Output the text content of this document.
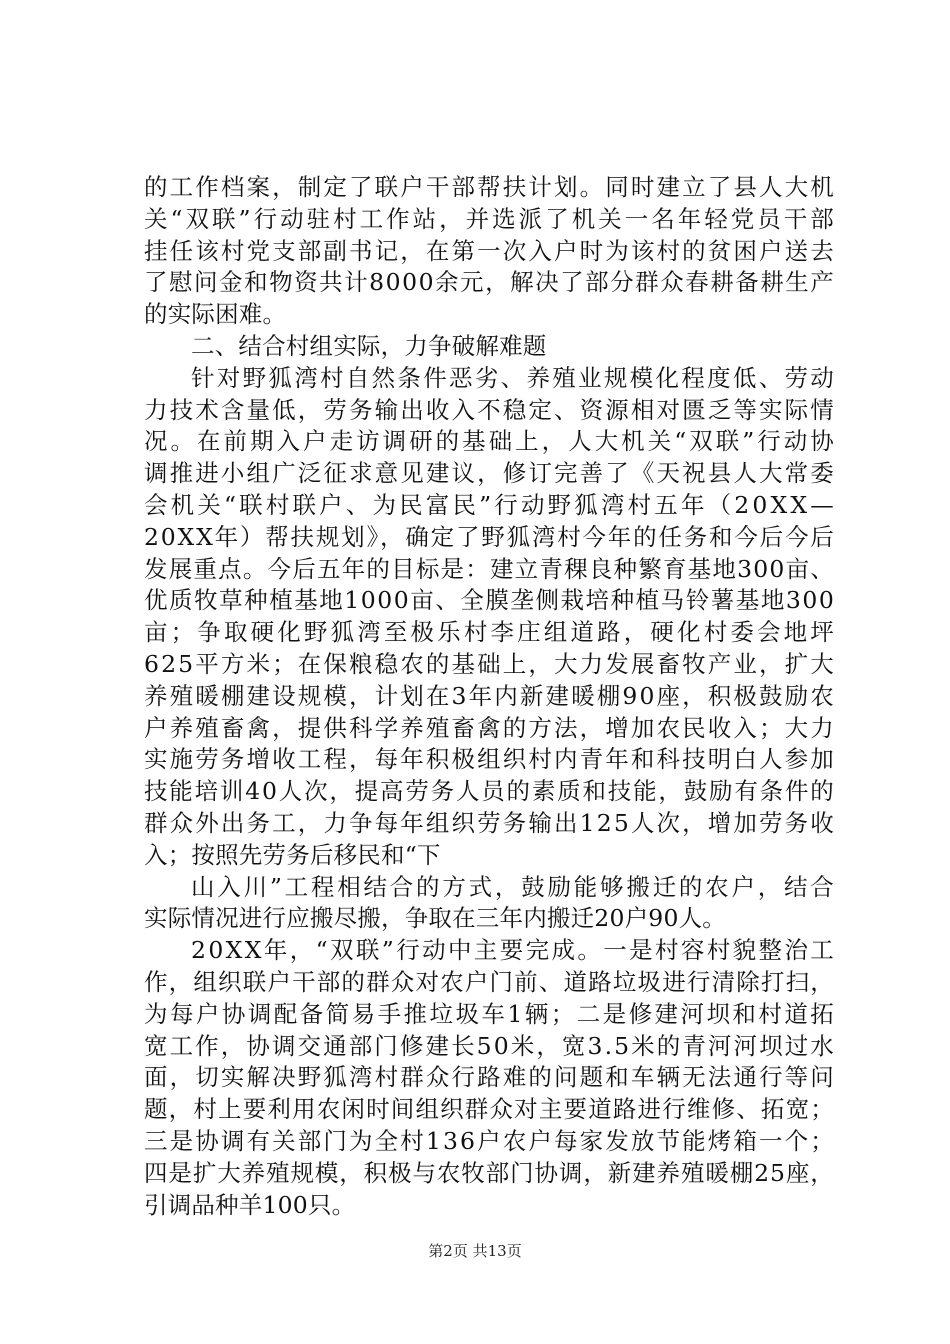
的工作档案，制定了联户干部帮扶计划。同时建立了县人大机
关“双联”行动驻村工作站，并选派了机关一名年轻党员干部
挂任该村党支部副书记，在第一次入户时为该村的贫困户送去
了慰问金和物资共计8000余元，解决了部分群众春耕备耕生产
的实际困难。
二、结合村组实际，力争破解难题
针对野狐湾村自然条件恶劣、养殖业规模化程度低、劳动
力技术含量低，劳务输出收入不稳定、资源相对匮乏等实际情
况。在前期入户走访调研的基础上，人大机关“双联”行动协
调推进小组广泛征求意见建议，修订完善了《天祝县人大常委
会机关“联村联户、为民富民”行动野狐湾村五年（20XX—
20XX年）帮扶规划》，确定了野狐湾村今年的任务和今后今后
发展重点。今后五年的目标是：建立青稞良种繁育基地300亩、
优质牧草种植基地1000亩、全膜垄侧栽培种植马铃薯基地300
亩；争取硬化野狐湾至极乐村李庄组道路，硬化村委会地坪
625平方米；在保粮稳农的基础上，大力发展畜牧产业，扩大
养殖暖棚建设规模，计划在3年内新建暖棚90座，积极鼓励农
户养殖畜禽，提供科学养殖畜禽的方法，增加农民收入；大力
实施劳务增收工程，每年积极组织村内青年和科技明白人参加
技能培训40人次，提高劳务人员的素质和技能，鼓励有条件的
群众外出务工，力争每年组织劳务输出125人次，增加劳务收
入；按照先劳务后移民和“下
山入川”工程相结合的方式，鼓励能够搬迁的农户，结合
实际情况进行应搬尽搬，争取在三年内搬迁20户90人。
20XX年，“双联”行动中主要完成。一是村容村貌整治工
作，组织联户干部的群众对农户门前、道路垃圾进行清除打扫，
为每户协调配备简易手推垃圾车1辆；二是修建河坝和村道拓
宽工作，协调交通部门修建长50米，宽3.5米的青河河坝过水
面，切实解决野狐湾村群众行路难的问题和车辆无法通行等问
题，村上要利用农闲时间组织群众对主要道路进行维修、拓宽；
三是协调有关部门为全村136户农户每家发放节能烤箱一个；
四是扩大养殖规模，积极与农牧部门协调，新建养殖暖棚25座，
引调品种羊100只。
第2页 共13页
